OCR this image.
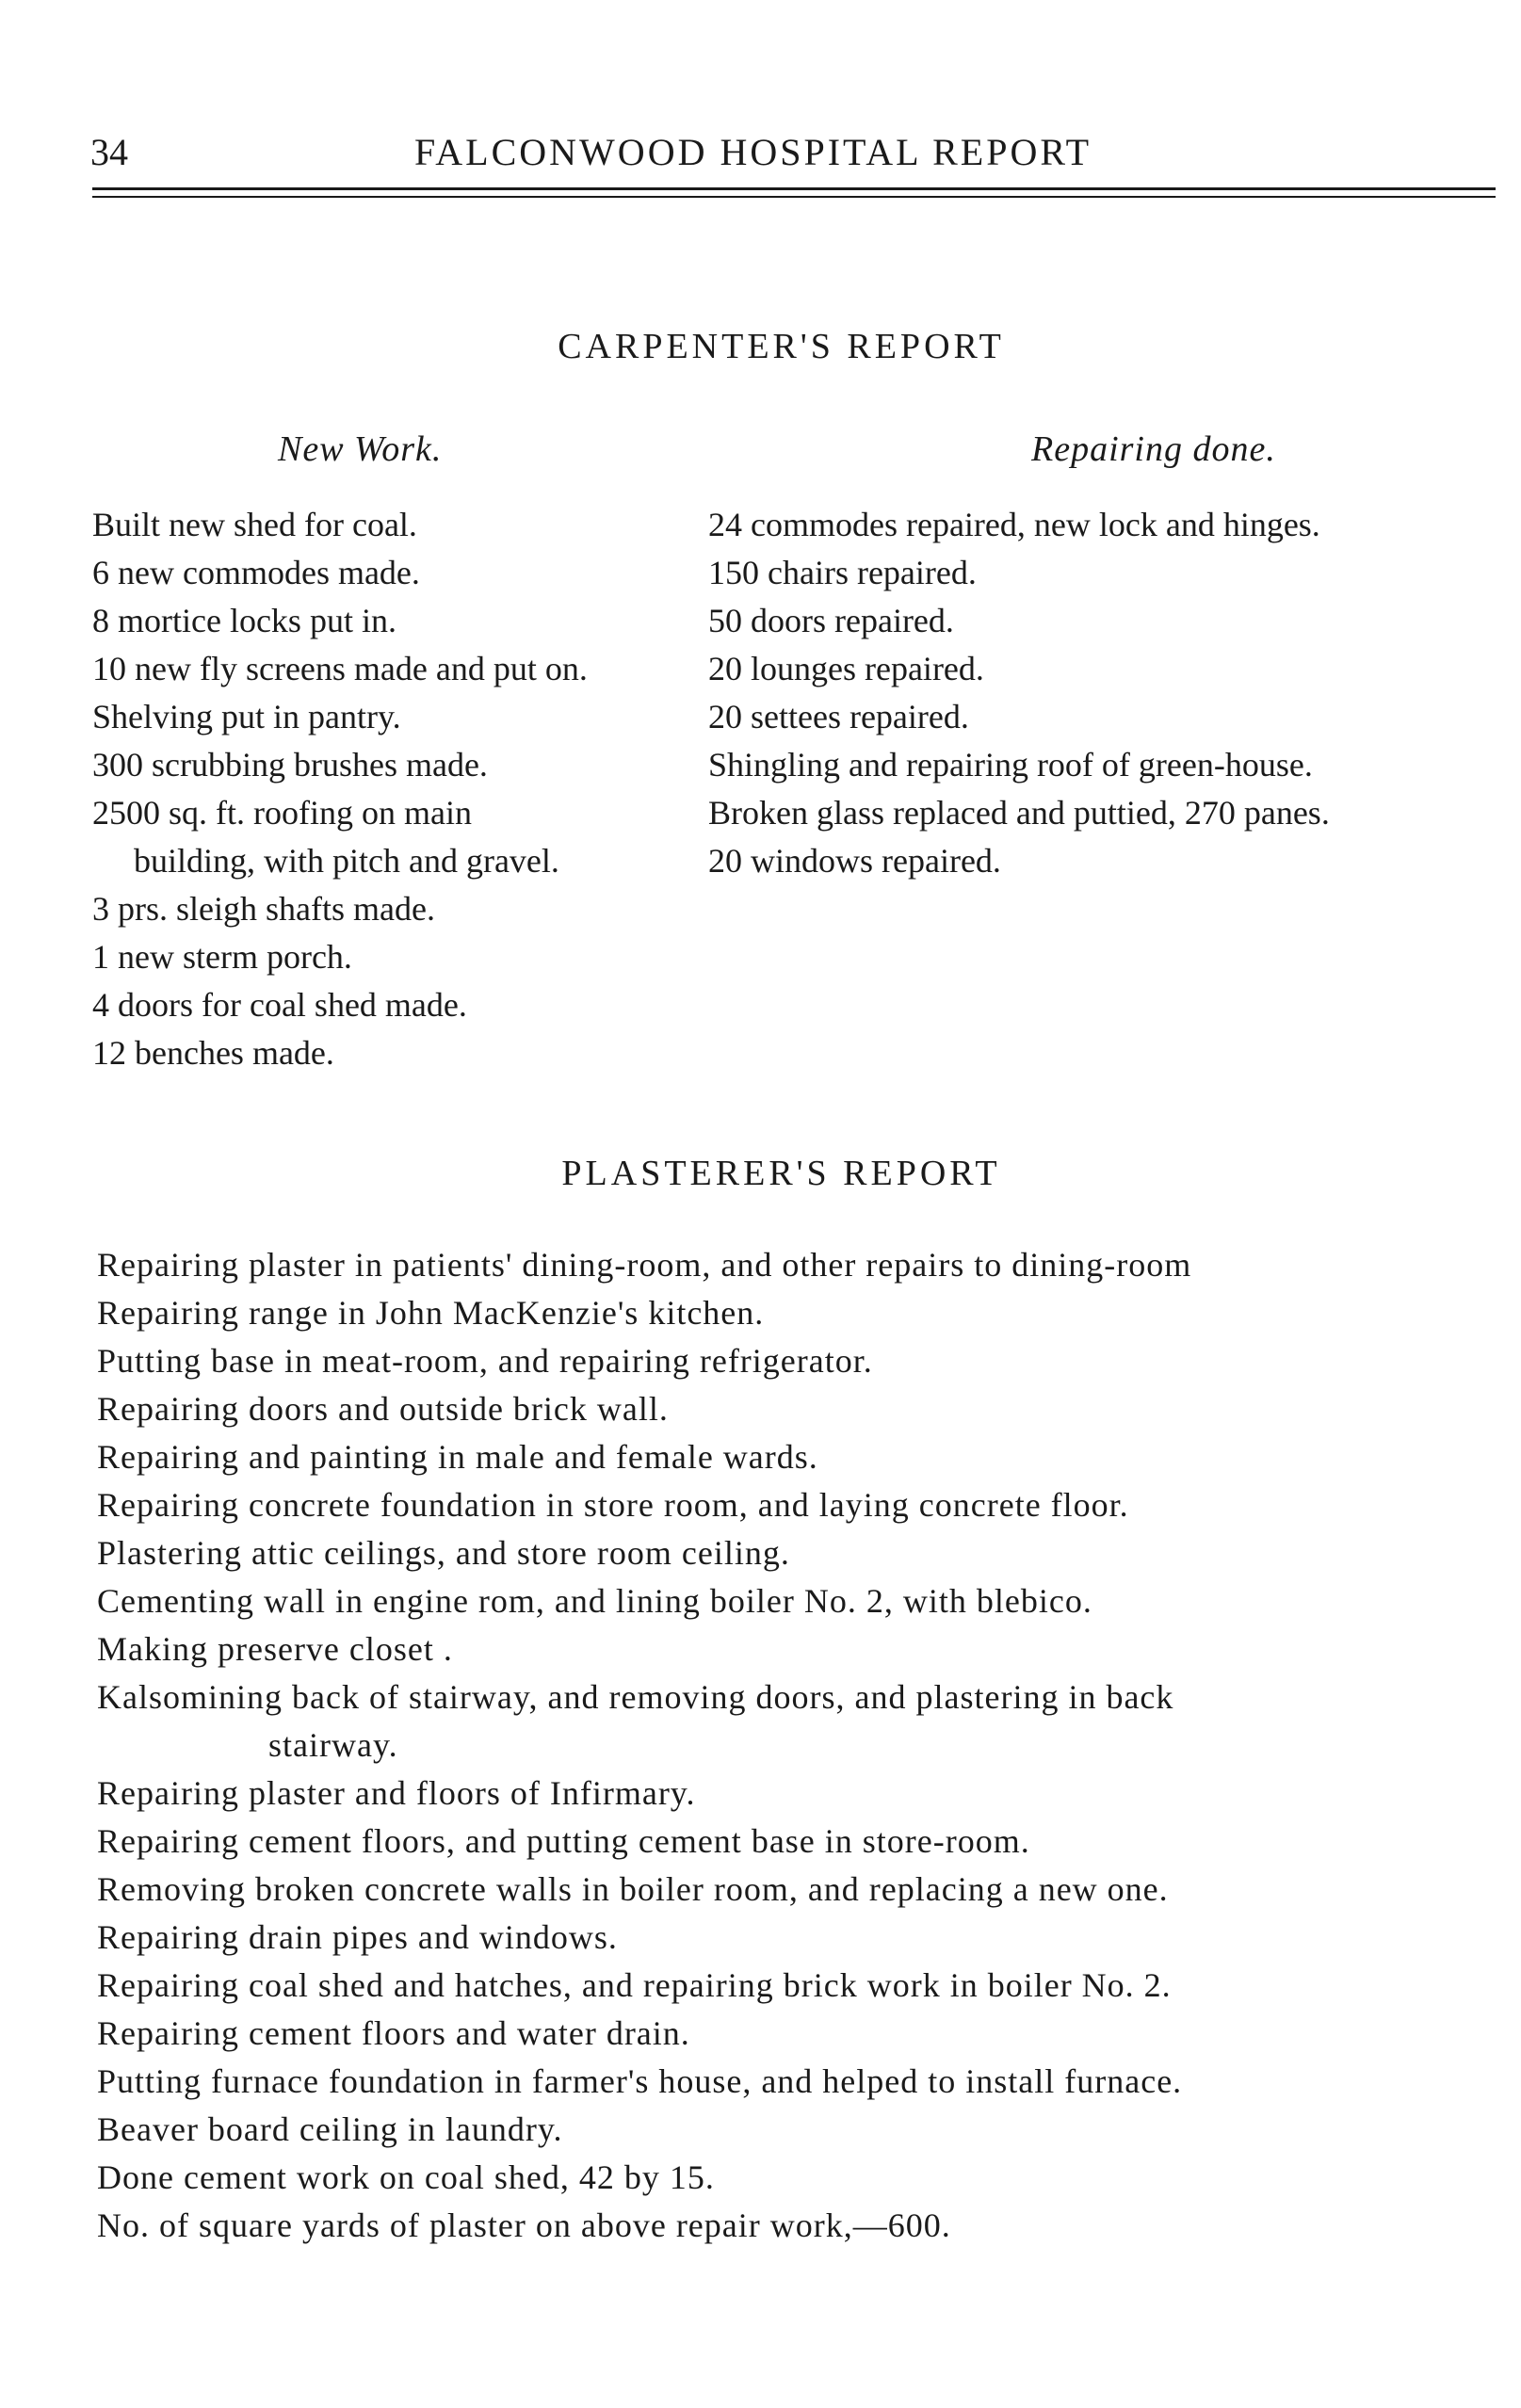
34	FALCONWOOD HOSPITAL REPORT
CARPENTER'S REPORT
New Work.	Repairing done.
Built new shed for coal.
6 new commodes made.
8 mortice locks put in.
10 new fly screens made and put on.
Shelving put in pantry.
300 scrubbing brushes made.
2500 sq. ft. roofing on main
building, with pitch and gravel.
3 prs. sleigh shafts made.
1 new sterm porch.
4 doors for coal shed made.
12 benches made.
24 commodes repaired, new lock and hinges.
150 chairs repaired.
50 doors repaired.
20 lounges repaired.
20 settees repaired.
Shingling and repairing roof of green-house.
Broken glass replaced and puttied, 270 panes.
20 windows repaired.
PLASTERER'S REPORT
Repairing plaster in patients' dining-room, and other repairs to dining-room
Repairing range in John MacKenzie's kitchen.
Putting base in meat-room, and repairing refrigerator.
Repairing doors and outside brick wall.
Repairing and painting in male and female wards.
Repairing concrete foundation in store room, and laying concrete floor.
Plastering attic ceilings, and store room ceiling.
Cementing wall in engine rom, and lining boiler No. 2, with blebico.
Making preserve closet .
Kalsomining back of stairway, and removing doors, and plastering in back
stairway.
Repairing plaster and floors of Infirmary.
Repairing cement floors, and putting cement base in store-room.
Removing broken concrete walls in boiler room, and replacing a new one.
Repairing drain pipes and windows.
Repairing coal shed and hatches, and repairing brick work in boiler No. 2.
Repairing cement floors and water drain.
Putting furnace foundation in farmer's house, and helped to install furnace.
Beaver board ceiling in laundry.
Done cement work on coal shed, 42 by 15.
No. of square yards of plaster on above repair work,—600.
